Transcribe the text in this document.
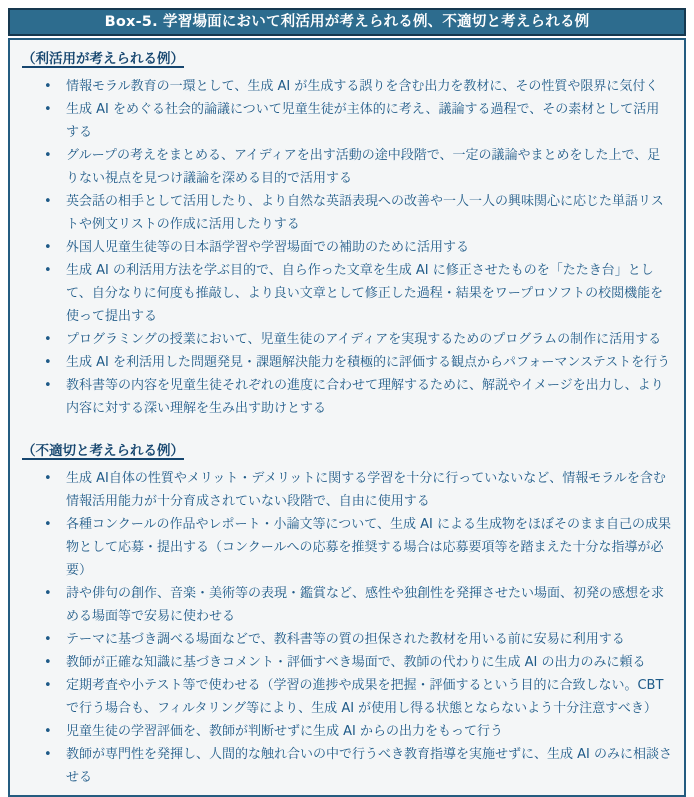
Box-5. 学習場面において利活用が考えられる例、不適切と考えられる例
（利活用が考えられる例）
• 情報モラル教育の一環として、生成 AI が生成する誤りを含む出力を教材に、その性質や限界に気付く
• 生成 AI をめぐる社会的論議について児童生徒が主体的に考え、議論する過程で、その素材として活用する
• グループの考えをまとめる、アイディアを出す活動の途中段階で、一定の議論やまとめをした上で、足りない視点を見つけ議論を深める目的で活用する
• 英会話の相手として活用したり、より自然な英語表現への改善や一人一人の興味関心に応じた単語リストや例文リストの作成に活用したりする
• 外国人児童生徒等の日本語学習や学習場面での補助のために活用する
• 生成 AI の利活用方法を学ぶ目的で、自ら作った文章を生成 AI に修正させたものを「たたき台」として、自分なりに何度も推敲し、より良い文章として修正した過程・結果をワープロソフトの校閲機能を使って提出する
• プログラミングの授業において、児童生徒のアイディアを実現するためのプログラムの制作に活用する
• 生成 AI を利活用した問題発見・課題解決能力を積極的に評価する観点からパフォーマンステストを行う
• 教科書等の内容を児童生徒それぞれの進度に合わせて理解するために、解説やイメージを出力し、より内容に対する深い理解を生み出す助けとする
（不適切と考えられる例）
• 生成 AI自体の性質やメリット・デメリットに関する学習を十分に行っていないなど、情報モラルを含む情報活用能力が十分育成されていない段階で、自由に使用する
• 各種コンクールの作品やレポート・小論文等について、生成 AI による生成物をほぼそのまま自己の成果物として応募・提出する（コンクールへの応募を推奨する場合は応募要項等を踏まえた十分な指導が必要）
• 詩や俳句の創作、音楽・美術等の表現・鑑賞など、感性や独創性を発揮させたい場面、初発の感想を求める場面等で安易に使わせる
• テーマに基づき調べる場面などで、教科書等の質の担保された教材を用いる前に安易に利用する
• 教師が正確な知識に基づきコメント・評価すべき場面で、教師の代わりに生成 AI の出力のみに頼る
• 定期考査や小テスト等で使わせる（学習の進捗や成果を把握・評価するという目的に合致しない。CBT で行う場合も、フィルタリング等により、生成 AI が使用し得る状態とならないよう十分注意すべき）
• 児童生徒の学習評価を、教師が判断せずに生成 AI からの出力をもって行う
• 教師が専門性を発揮し、人間的な触れ合いの中で行うべき教育指導を実施せずに、生成 AI のみに相談させる
